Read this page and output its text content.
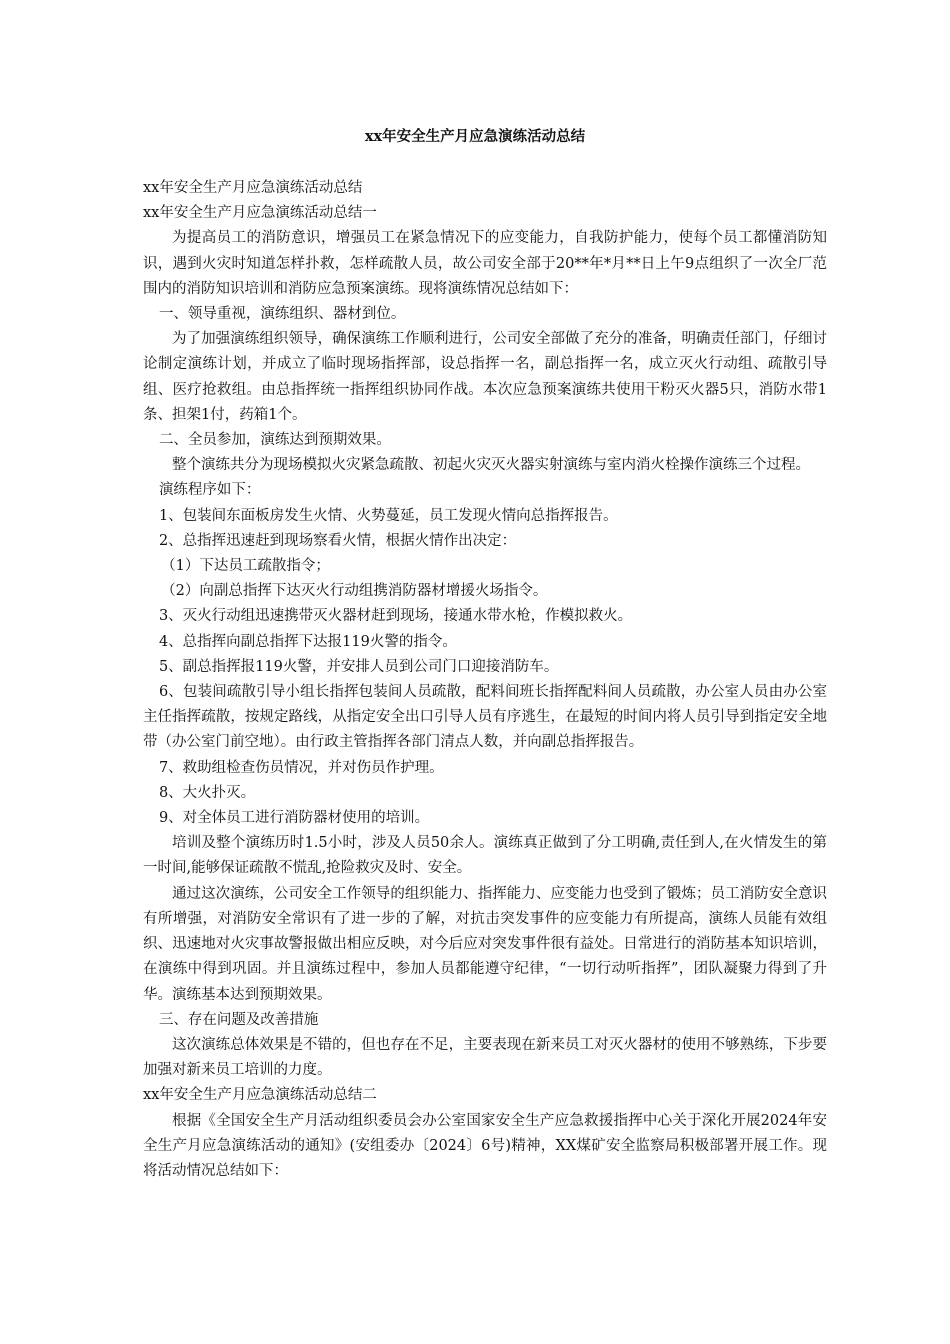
xx年安全生产月应急演练活动总结

xx年安全生产月应急演练活动总结

xx年安全生产月应急演练活动总结一

为提高员工的消防意识，增强员工在紧急情况下的应变能力，自我防护能力，使每个员工都懂消防知识，遇到火灾时知道怎样扑救，怎样疏散人员，故公司安全部于20**年*月**日上午9点组织了一次全厂范围内的消防知识培训和消防应急预案演练。现将演练情况总结如下：

一、领导重视，演练组织、器材到位。

为了加强演练组织领导，确保演练工作顺利进行，公司安全部做了充分的准备，明确责任部门，仔细讨论制定演练计划，并成立了临时现场指挥部，设总指挥一名，副总指挥一名，成立灭火行动组、疏散引导组、医疗抢救组。由总指挥统一指挥组织协同作战。本次应急预案演练共使用干粉灭火器5只，消防水带1条、担架1付，药箱1个。

二、全员参加，演练达到预期效果。

整个演练共分为现场模拟火灾紧急疏散、初起火灾灭火器实射演练与室内消火栓操作演练三个过程。

演练程序如下：

1、包装间东面板房发生火情、火势蔓延，员工发现火情向总指挥报告。

2、总指挥迅速赶到现场察看火情，根据火情作出决定：

（1）下达员工疏散指令；

（2）向副总指挥下达灭火行动组携消防器材增援火场指令。

3、灭火行动组迅速携带灭火器材赶到现场，接通水带水枪，作模拟救火。

4、总指挥向副总指挥下达报119火警的指令。

5、副总指挥报119火警，并安排人员到公司门口迎接消防车。

6、包装间疏散引导小组长指挥包装间人员疏散，配料间班长指挥配料间人员疏散，办公室人员由办公室主任指挥疏散，按规定路线，从指定安全出口引导人员有序逃生，在最短的时间内将人员引导到指定安全地带（办公室门前空地）。由行政主管指挥各部门清点人数，并向副总指挥报告。

7、救助组检查伤员情况，并对伤员作护理。

8、大火扑灭。

9、对全体员工进行消防器材使用的培训。

培训及整个演练历时1.5小时，涉及人员50余人。演练真正做到了分工明确,责任到人,在火情发生的第一时间,能够保证疏散不慌乱,抢险救灾及时、安全。

通过这次演练，公司安全工作领导的组织能力、指挥能力、应变能力也受到了锻炼；员工消防安全意识有所增强，对消防安全常识有了进一步的了解，对抗击突发事件的应变能力有所提高，演练人员能有效组织、迅速地对火灾事故警报做出相应反映，对今后应对突发事件很有益处。日常进行的消防基本知识培训，在演练中得到巩固。并且演练过程中，参加人员都能遵守纪律，“一切行动听指挥”，团队凝聚力得到了升华。演练基本达到预期效果。

三、存在问题及改善措施

这次演练总体效果是不错的，但也存在不足，主要表现在新来员工对灭火器材的使用不够熟练，下步要加强对新来员工培训的力度。

xx年安全生产月应急演练活动总结二

根据《全国安全生产月活动组织委员会办公室国家安全生产应急救援指挥中心关于深化开展2024年安全生产月应急演练活动的通知》(安组委办〔2024〕6号)精神，XX煤矿安全监察局积极部署开展工作。现将活动情况总结如下：
